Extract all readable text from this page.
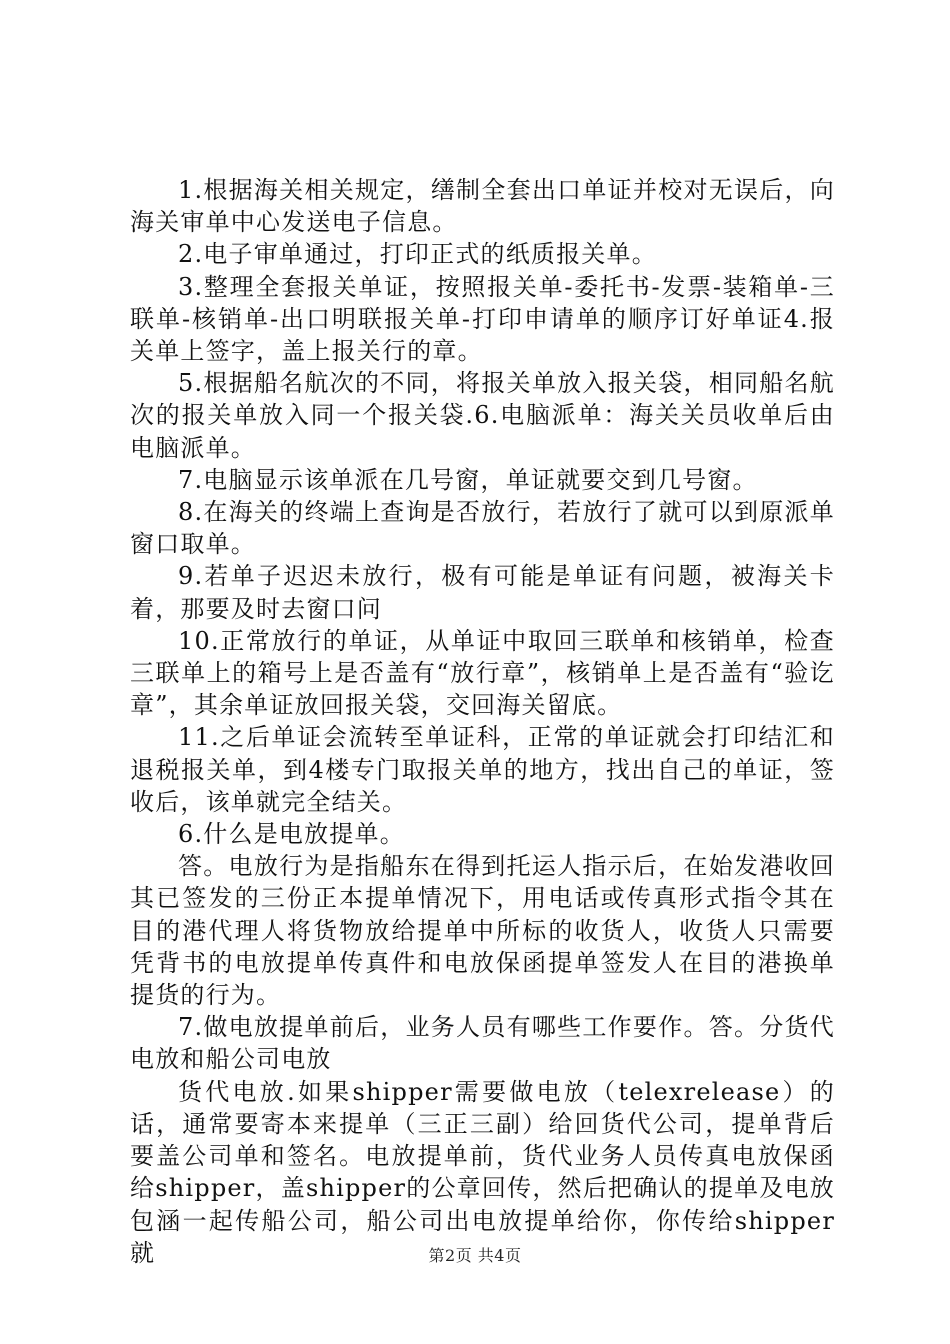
1.根据海关相关规定，缮制全套出口单证并校对无误后，向海关审单中心发送电子信息。

2.电子审单通过，打印正式的纸质报关单。

3.整理全套报关单证，按照报关单-委托书-发票-装箱单-三联单-核销单-出口明联报关单-打印申请单的顺序订好单证4.报关单上签字，盖上报关行的章。

5.根据船名航次的不同，将报关单放入报关袋，相同船名航次的报关单放入同一个报关袋.6.电脑派单：海关关员收单后由电脑派单。

7.电脑显示该单派在几号窗，单证就要交到几号窗。

8.在海关的终端上查询是否放行，若放行了就可以到原派单窗口取单。

9.若单子迟迟未放行，极有可能是单证有问题，被海关卡着，那要及时去窗口问

10.正常放行的单证，从单证中取回三联单和核销单，检查三联单上的箱号上是否盖有“放行章”，核销单上是否盖有“验讫章”，其余单证放回报关袋，交回海关留底。

11.之后单证会流转至单证科，正常的单证就会打印结汇和退税报关单，到4楼专门取报关单的地方，找出自己的单证，签收后，该单就完全结关。

6.什么是电放提单。

答。电放行为是指船东在得到托运人指示后，在始发港收回其已签发的三份正本提单情况下，用电话或传真形式指令其在目的港代理人将货物放给提单中所标的收货人，收货人只需要凭背书的电放提单传真件和电放保函提单签发人在目的港换单提货的行为。

7.做电放提单前后，业务人员有哪些工作要作。答。分货代电放和船公司电放

货代电放.如果shipper需要做电放（telexrelease）的话，通常要寄本来提单（三正三副）给回货代公司，提单背后要盖公司单和签名。电放提单前，货代业务人员传真电放保函给shipper，盖shipper的公章回传，然后把确认的提单及电放包涵一起传船公司，船公司出电放提单给你，你传给shipper就	第2页 共4页
